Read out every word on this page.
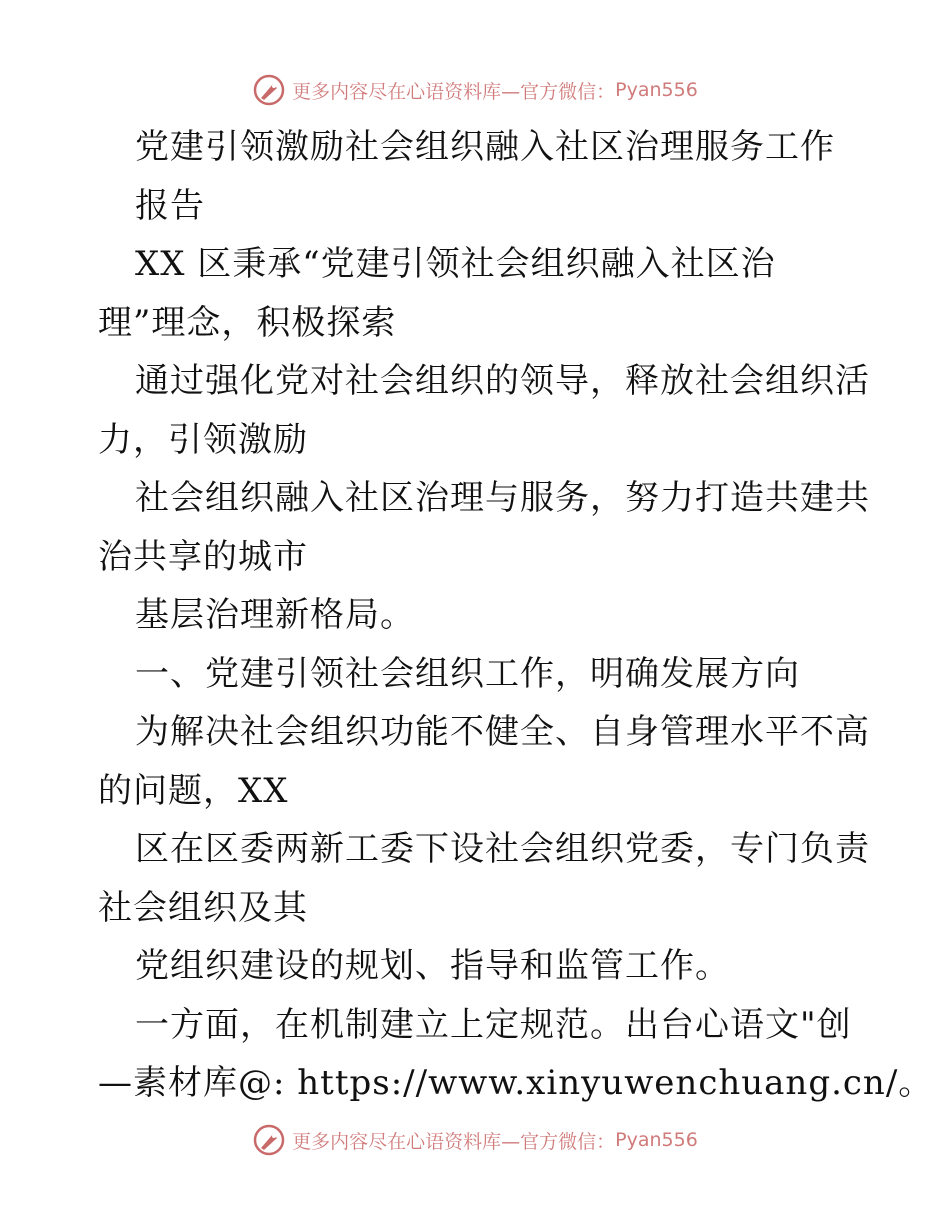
更多内容尽在心语资料库—官方微信： Pyan556
党建引领激励社会组织融入社区治理服务工作
报告
XX 区秉承“党建引领社会组织融入社区治
理”理念，积极探索
通过强化党对社会组织的领导，释放社会组织活
力，引领激励
社会组织融入社区治理与服务，努力打造共建共
治共享的城市
基层治理新格局。
一、党建引领社会组织工作，明确发展方向
为解决社会组织功能不健全、自身管理水平不高
的问题，XX
区在区委两新工委下设社会组织党委，专门负责
社会组织及其
党组织建设的规划、指导和监管工作。
一方面，在机制建立上定规范。出台心语文"创
—素材库@: https://www.xinyuwenchuang.cn/。
更多内容尽在心语资料库—官方微信： Pyan556
